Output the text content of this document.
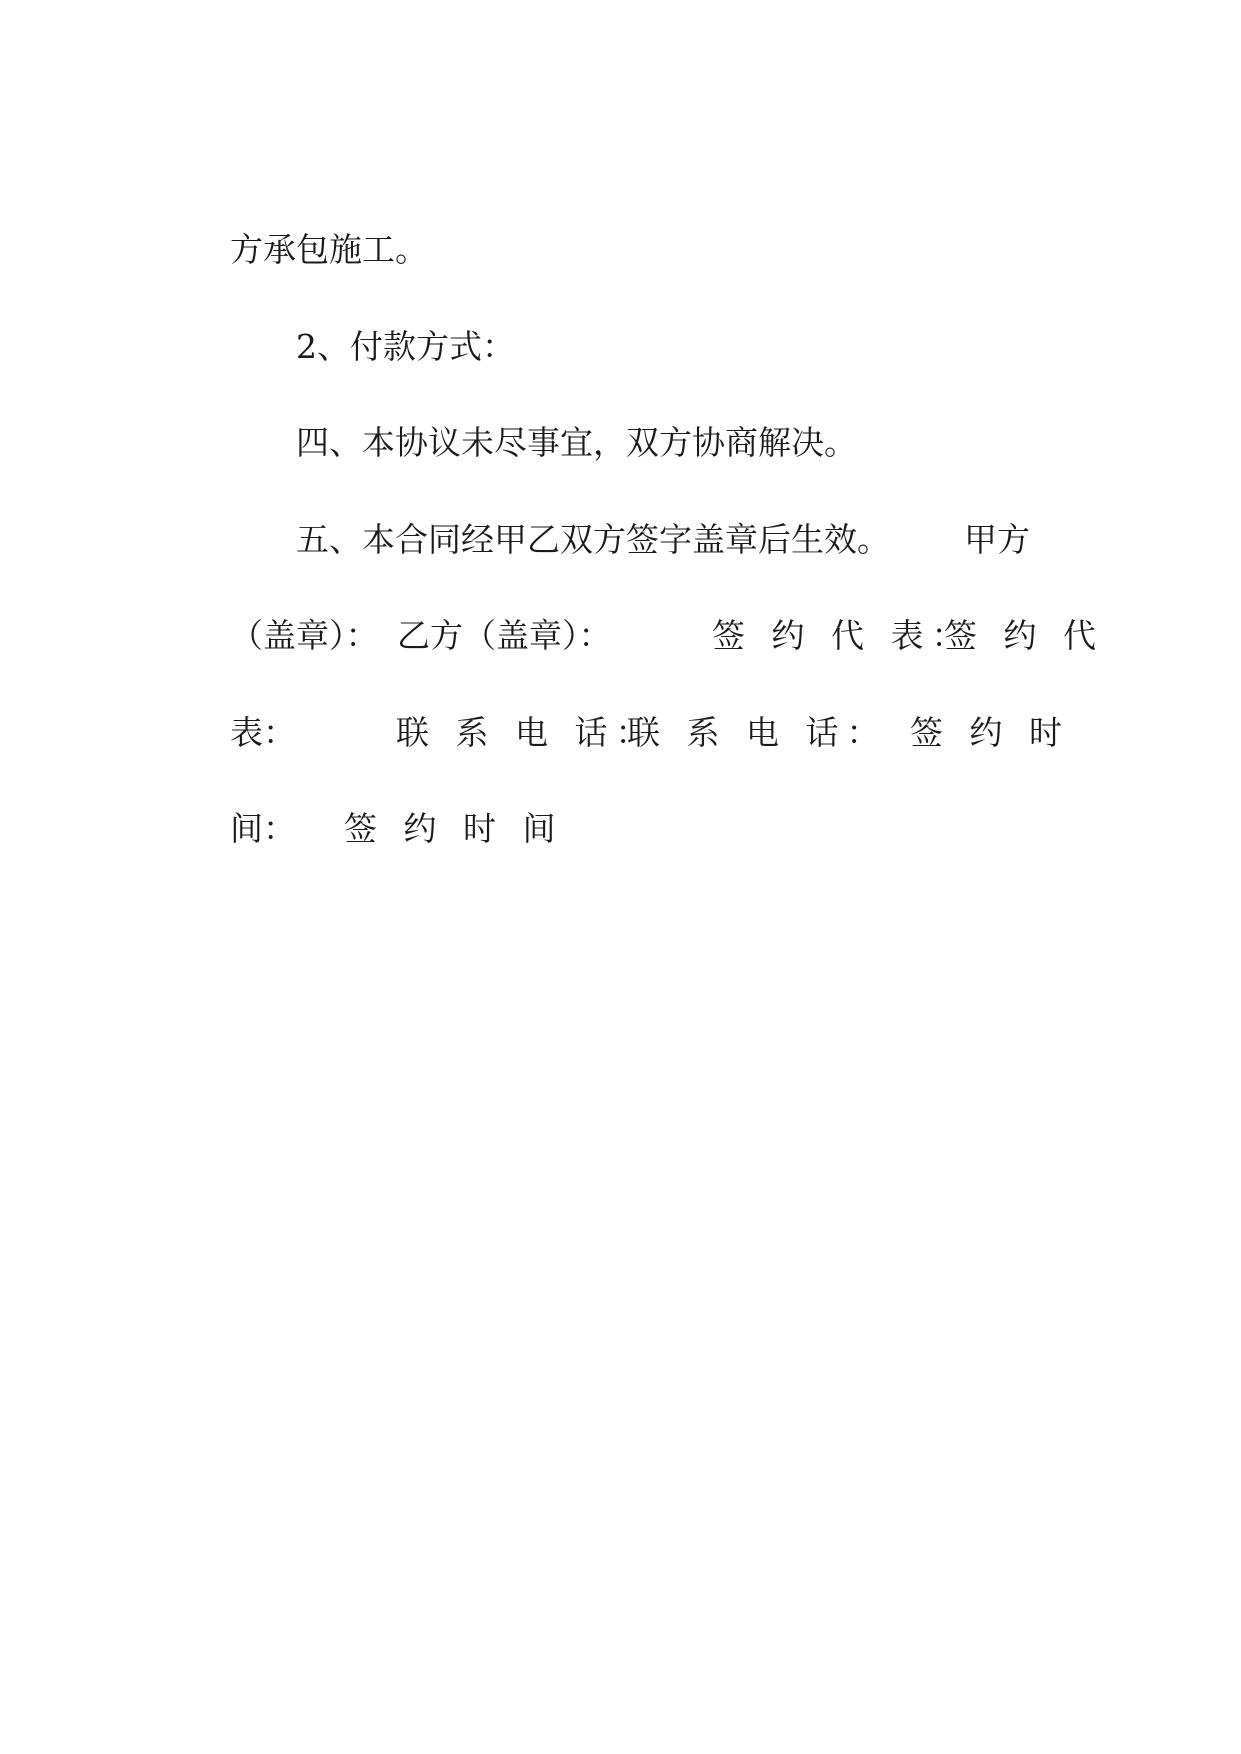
方承包施工。

2、付款方式：

四、本协议未尽事宜，双方协商解决。

五、本合同经甲乙双方签字盖章后生效。
	甲方

（盖章）：
乙方（盖章）：
	签 约 代 表：

签 约 代

表：
	联 系 电 话：

联 系 电 话：
签 约 时

间：
	签 约 时 间
